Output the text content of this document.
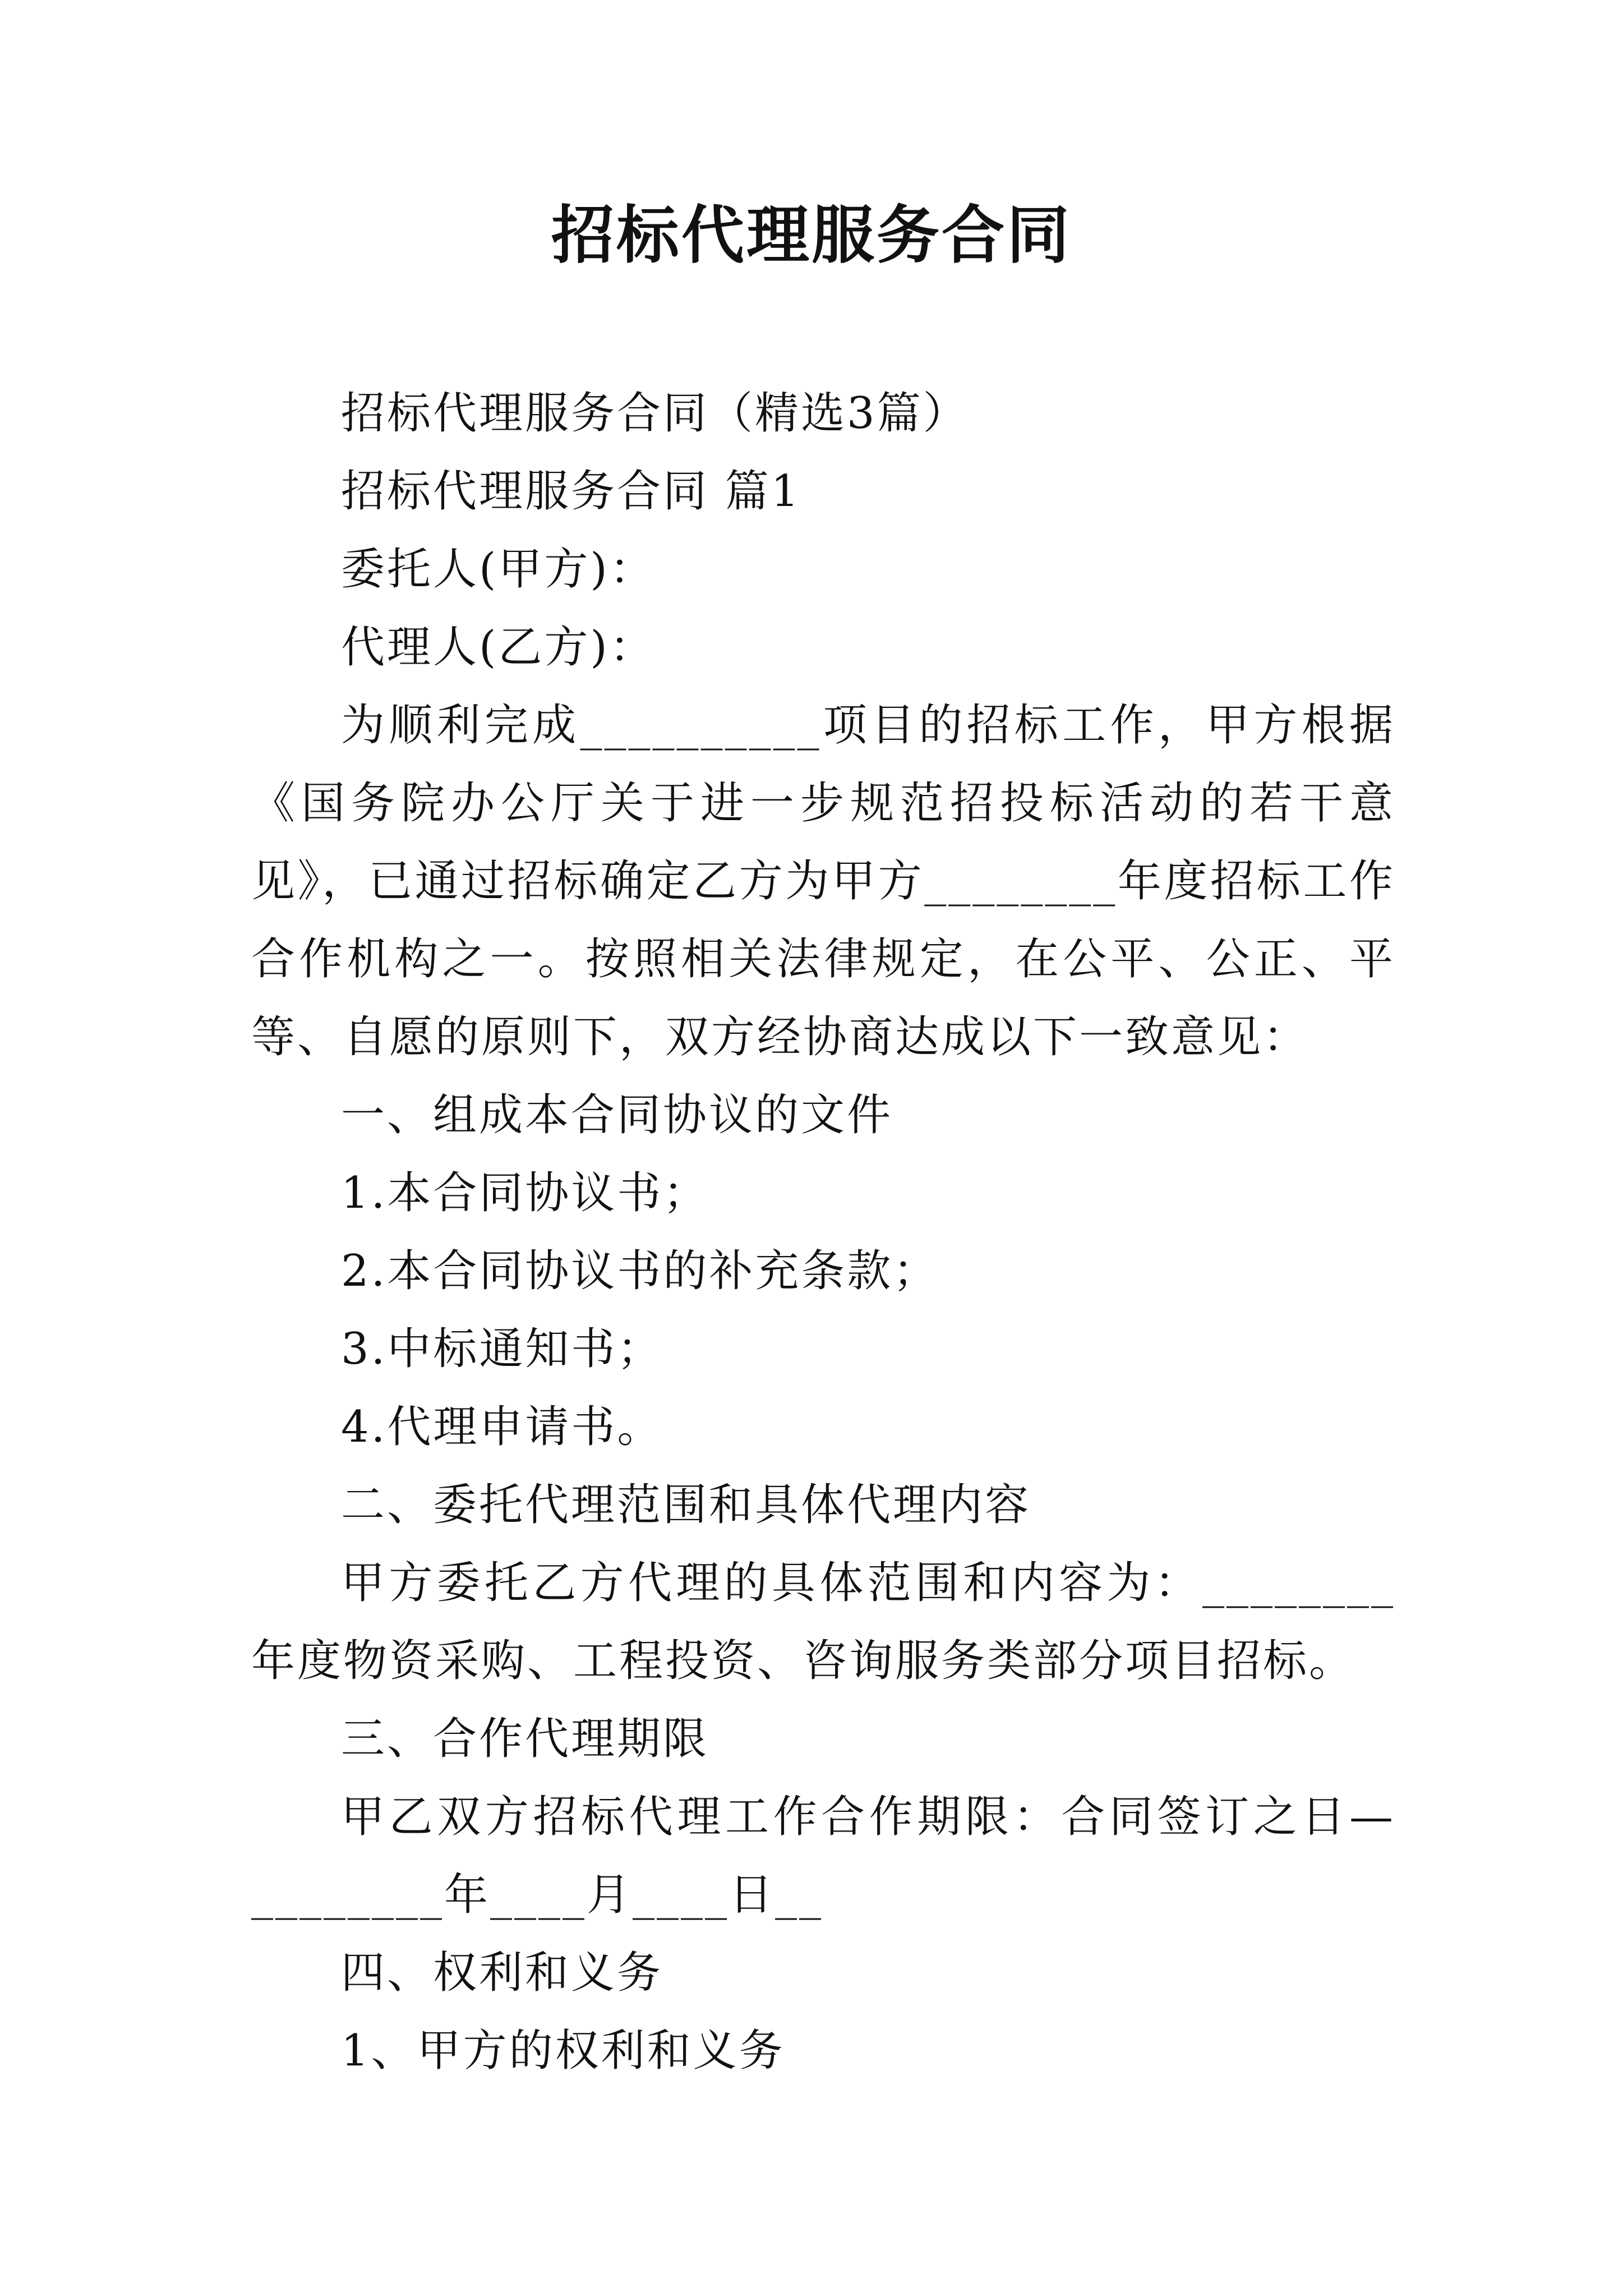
招标代理服务合同

招标代理服务合同（精选3篇）

招标代理服务合同 篇1

委托人(甲方)：

代理人(乙方)：

为顺利完成__________项目的招标工作，甲方根据《国务院办公厅关于进一步规范招投标活动的若干意见》，已通过招标确定乙方为甲方________年度招标工作合作机构之一。按照相关法律规定，在公平、公正、平等、自愿的原则下，双方经协商达成以下一致意见：

一、组成本合同协议的文件

1.本合同协议书；

2.本合同协议书的补充条款；

3.中标通知书；

4.代理申请书。

二、委托代理范围和具体代理内容

甲方委托乙方代理的具体范围和内容为：________年度物资采购、工程投资、咨询服务类部分项目招标。

三、合作代理期限

甲乙双方招标代理工作合作期限：合同签订之日—________年____月____日__

四、权利和义务

1、甲方的权利和义务
